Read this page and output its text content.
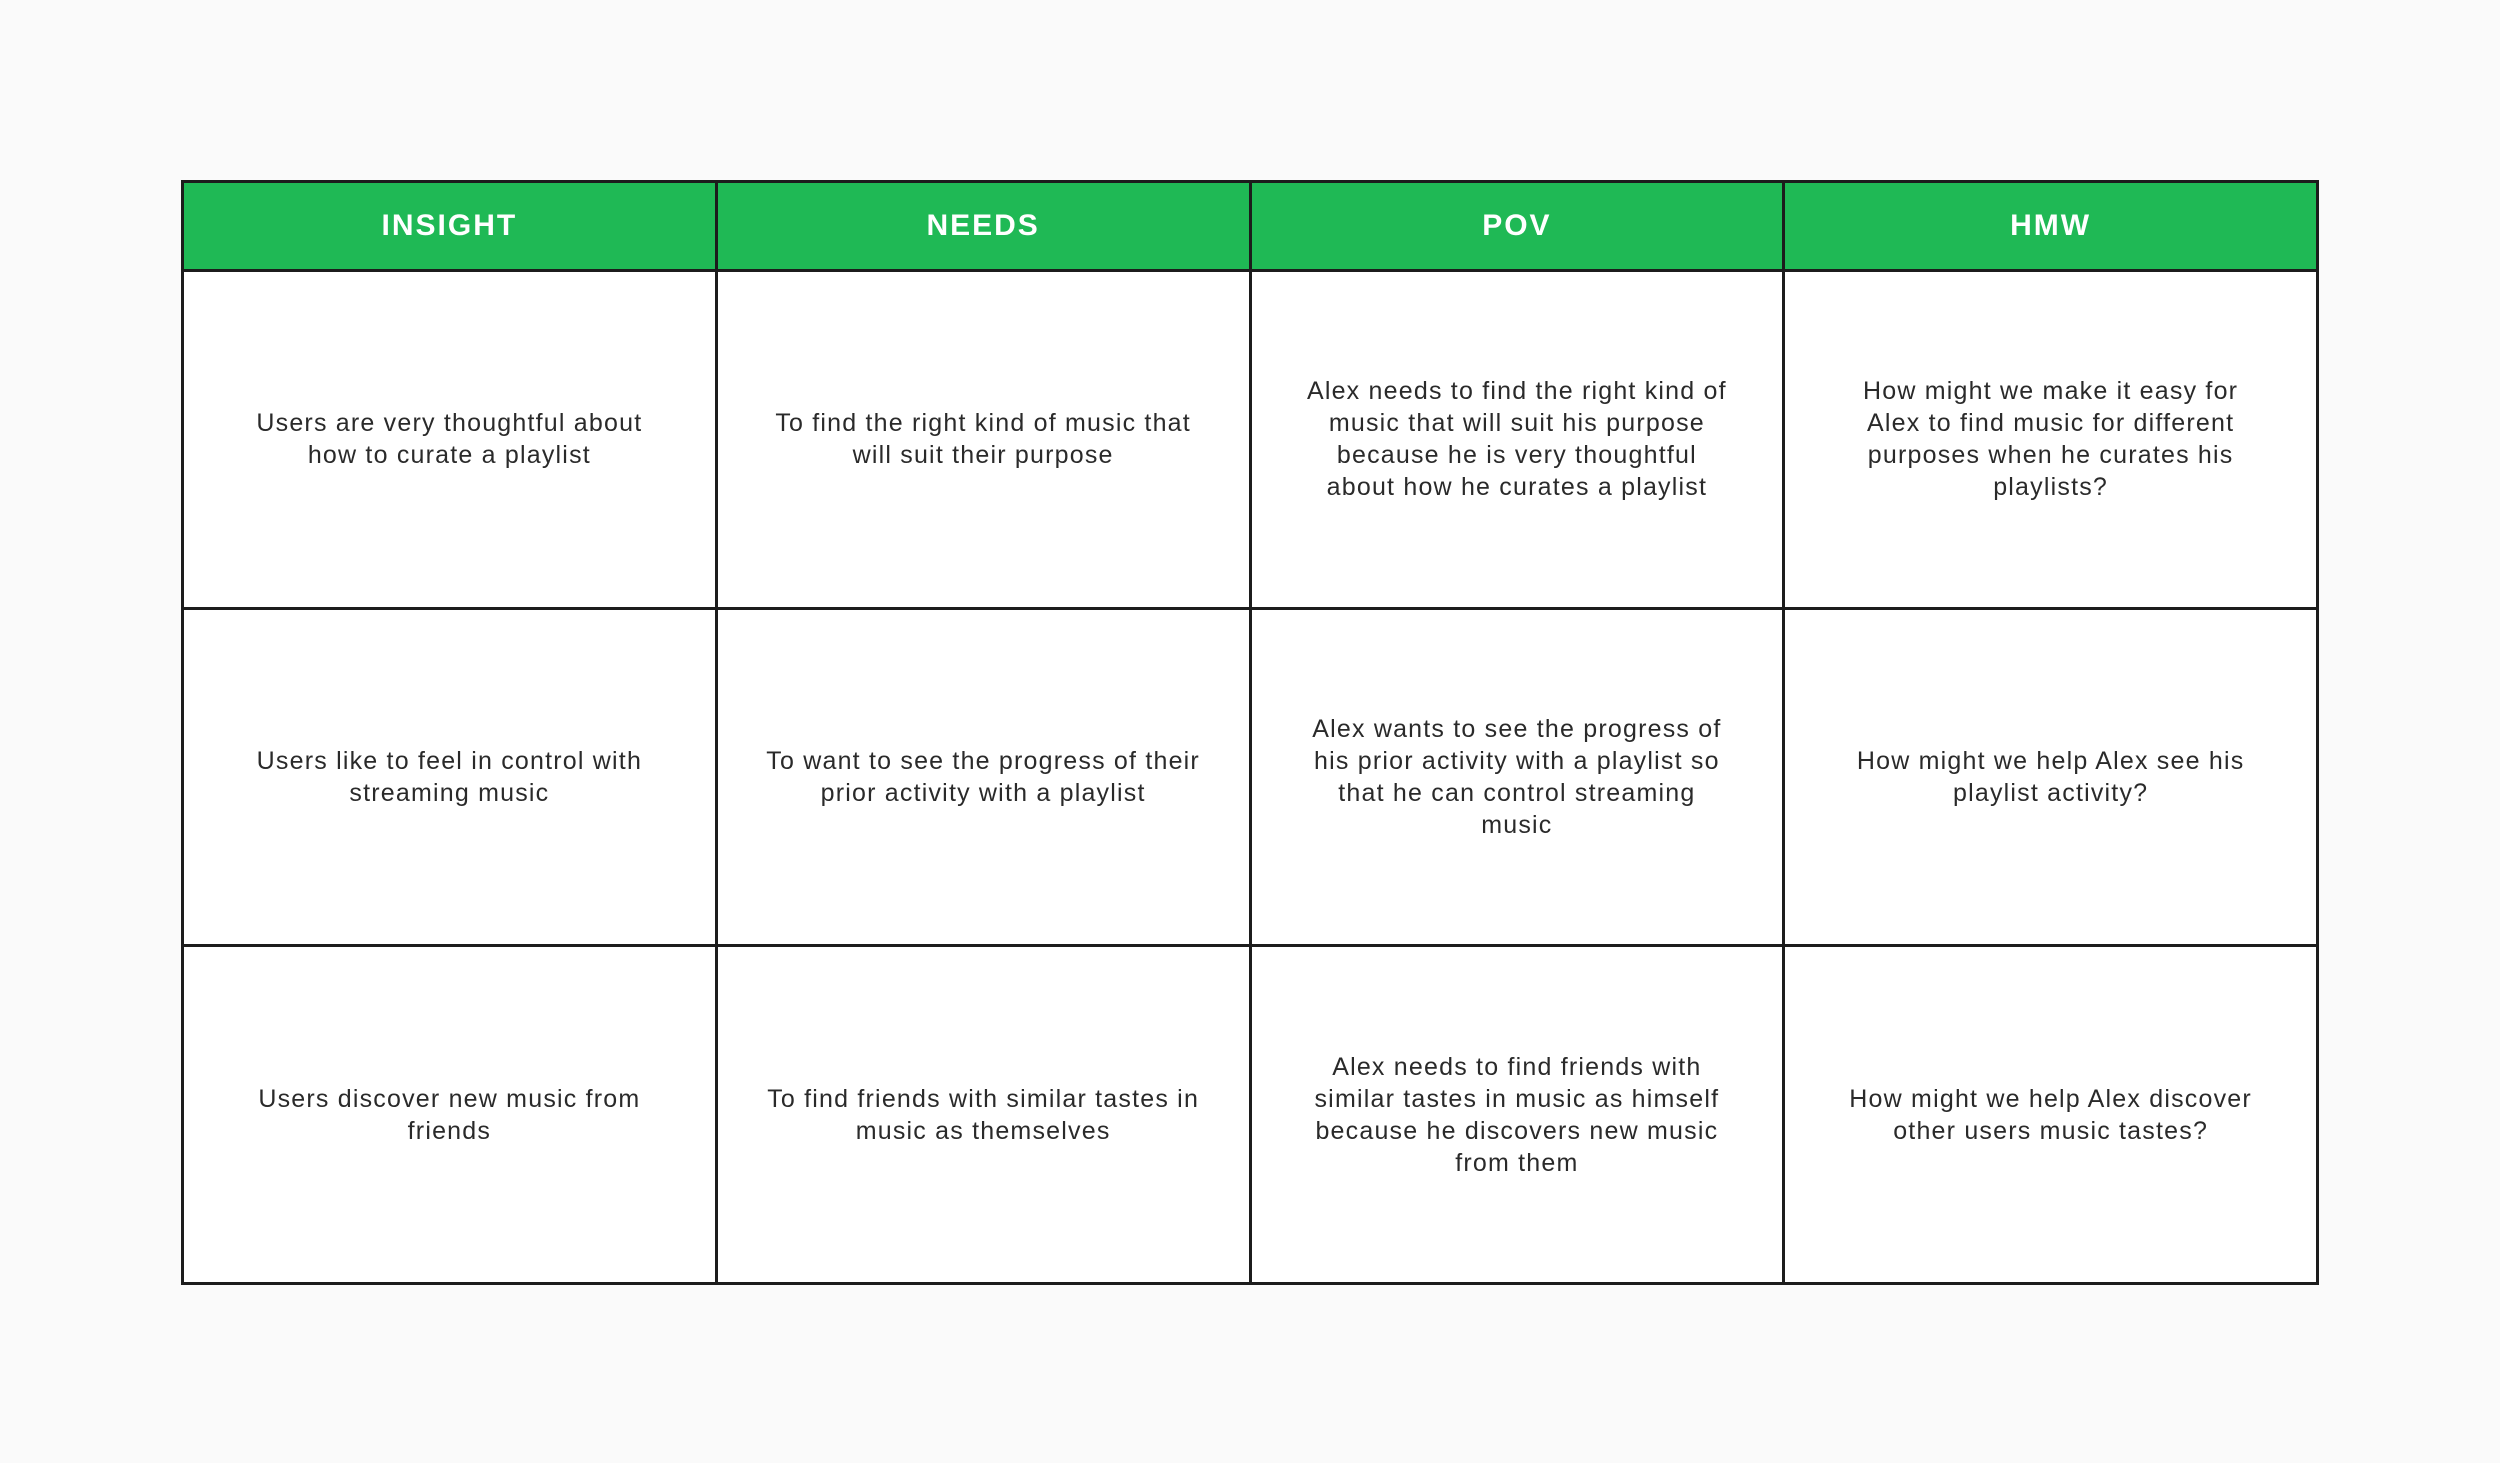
INSIGHT	NEEDS	POV	HMW
Users are very thoughtful about how to curate a playlist	To find the right kind of music that will suit their purpose	Alex needs to find the right kind of music that will suit his purpose because he is very thoughtful about how he curates a playlist	How might we make it easy for Alex to find music for different purposes when he curates his playlists?
Users like to feel in control with streaming music	To want to see the progress of their prior activity with a playlist	Alex wants to see the progress of his prior activity with a playlist so that he can control streaming music	How might we help Alex see his playlist activity?
Users discover new music from friends	To find friends with similar tastes in music as themselves	Alex needs to find friends with similar tastes in music as himself because he discovers new music from them	How might we help Alex discover other users music tastes?
